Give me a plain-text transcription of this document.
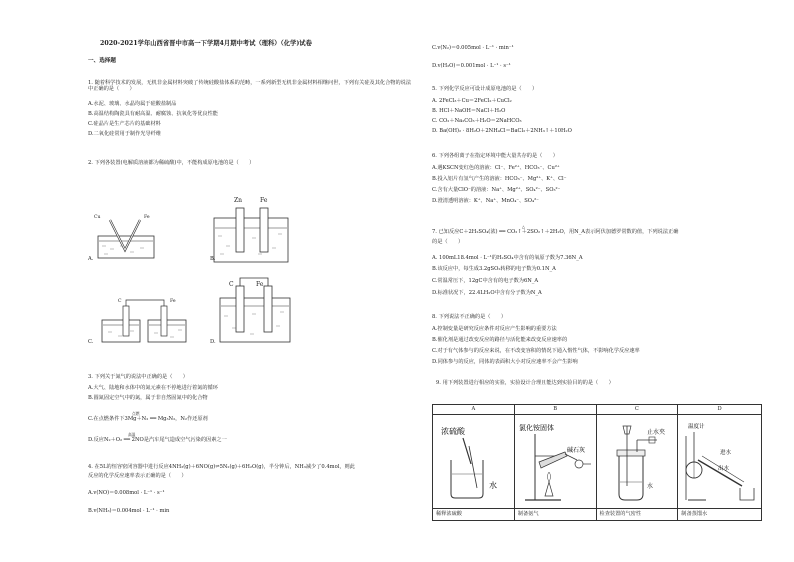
2020-2021学年山西省晋中市高一下学期4月期中考试（理科）（化学)试卷
一、选择题
1. 随着科学技术的发展，无机非金属材料突破了传统硅酸盐体系的范畴，一系列新型无机非金属材料相继问世，下列有关硅及其化合物的说法中正确的是（　　）
A.水泥、玻璃、水晶均属于硅酸盐制品
B.高温结构陶瓷具有耐高温、耐腐蚀、抗氧化等优良性能
C.硅晶片是生产芯片的基础材料
D.二氧化硅常用于制作光导纤维
2. 下列各装置(电解质溶液都为稀硫酸)中，不能构成原电池的是（　　）
Cu	Fe
A.
Zn	Fe
B.
C	Fe
C.
C	Fe
D.
3. 下列关于氮气的说法中正确的是（　　）
A.大气、陆地和水体中的氮元素在不停地进行着氮的循环
B.圆氮固定空气中的氮，属于非自然固氮中的化合物
点燃
C.在点燃条件下3Mg＋N₂ ══ Mg₃N₂，N₂作还原剂
高温
D.反应N₂＋O₂ ══ 2NO是汽车尾气造成空气污染的因素之一
4. 在5L的恒容密闭容器中进行反应4NH₃(g)＋6NO(g)⇌5N₂(g)＋6H₂O(g)，半分钟后，NH₃减少了0.4mol，则此
反应的化学反应速率表示正确的是（　　）
A.v(NO)＝0.008mol · L⁻¹ · s⁻¹
B.v(NH₃)＝0.004mol · L⁻¹ · min
C.v(N₂)＝0.005mol · L⁻¹ · min⁻¹
D.v(H₂O)＝0.001mol · L⁻¹ · s⁻¹
5. 下列化学反应可设计成原电池的是（　　）
A. 2FeCl₃＋Cu＝2FeCl₂＋CuCl₂
B. HCl＋NaOH＝NaCl＋H₂O
C. CO₂＋Na₂CO₃＋H₂O＝2NaHCO₃
D. Ba(OH)₂ · 8H₂O＋2NH₄Cl＝BaCl₂＋2NH₃↑＋10H₂O
6. 下列各组离子在指定环境中能大量共存的是（　　）
A.遇KSCN变红色的溶液：Cl⁻、Fe²⁺、HCO₃⁻、Cu²⁺
B.投入铝片有氢气产生的溶液：HCO₃⁻、Mg²⁺、K⁺、Cl⁻
C.含有大量ClO⁻的溶液：Na⁺、Mg²⁺、SO₄²⁻、SO₃²⁻
D.澄清透明溶液：K⁺、Na⁺、MnO₄⁻、SO₄²⁻
△
7. 已知反应C＋2H₂SO₄(浓) ══ CO₂↑＋2SO₂↑＋2H₂O，用N_A表示阿伏加德罗常数的值，下列说法正确
的是（　　）
A. 100mL18.4mol · L⁻¹的H₂SO₄中含有的氧原子数为7.36N_A
B.该反应中，每生成3.2gSO₂转移的电子数为0.1N_A
C.常温常压下，12gC中含有的电子数为6N_A
D.标准状况下，22.4LH₂O中含有分子数为N_A
8. 下列说法不正确的是（　　）
A.控制变量是研究反应条件对反应产生影响的重要方法
B.催化剂是通过改变反应的路径与活化能来改变反应速率的
C.对于有气体参与的反应来说，在不改变容积的情况下通入惰性气体，不影响化学反应速率
D.同体参与的反应，同体的表面积大小对反应速率不会产生影响
9. 用下列装置进行相应的实验，实验设计合理且能达到实验目的的是（　　）
A	B	C	D

浓硫酸
水	氯化铵固体
碱石灰	止水夹
水	温度计
进水
出水

稀释浓硫酸	制备氨气	检查装置的气密性	制备蒸馏水
